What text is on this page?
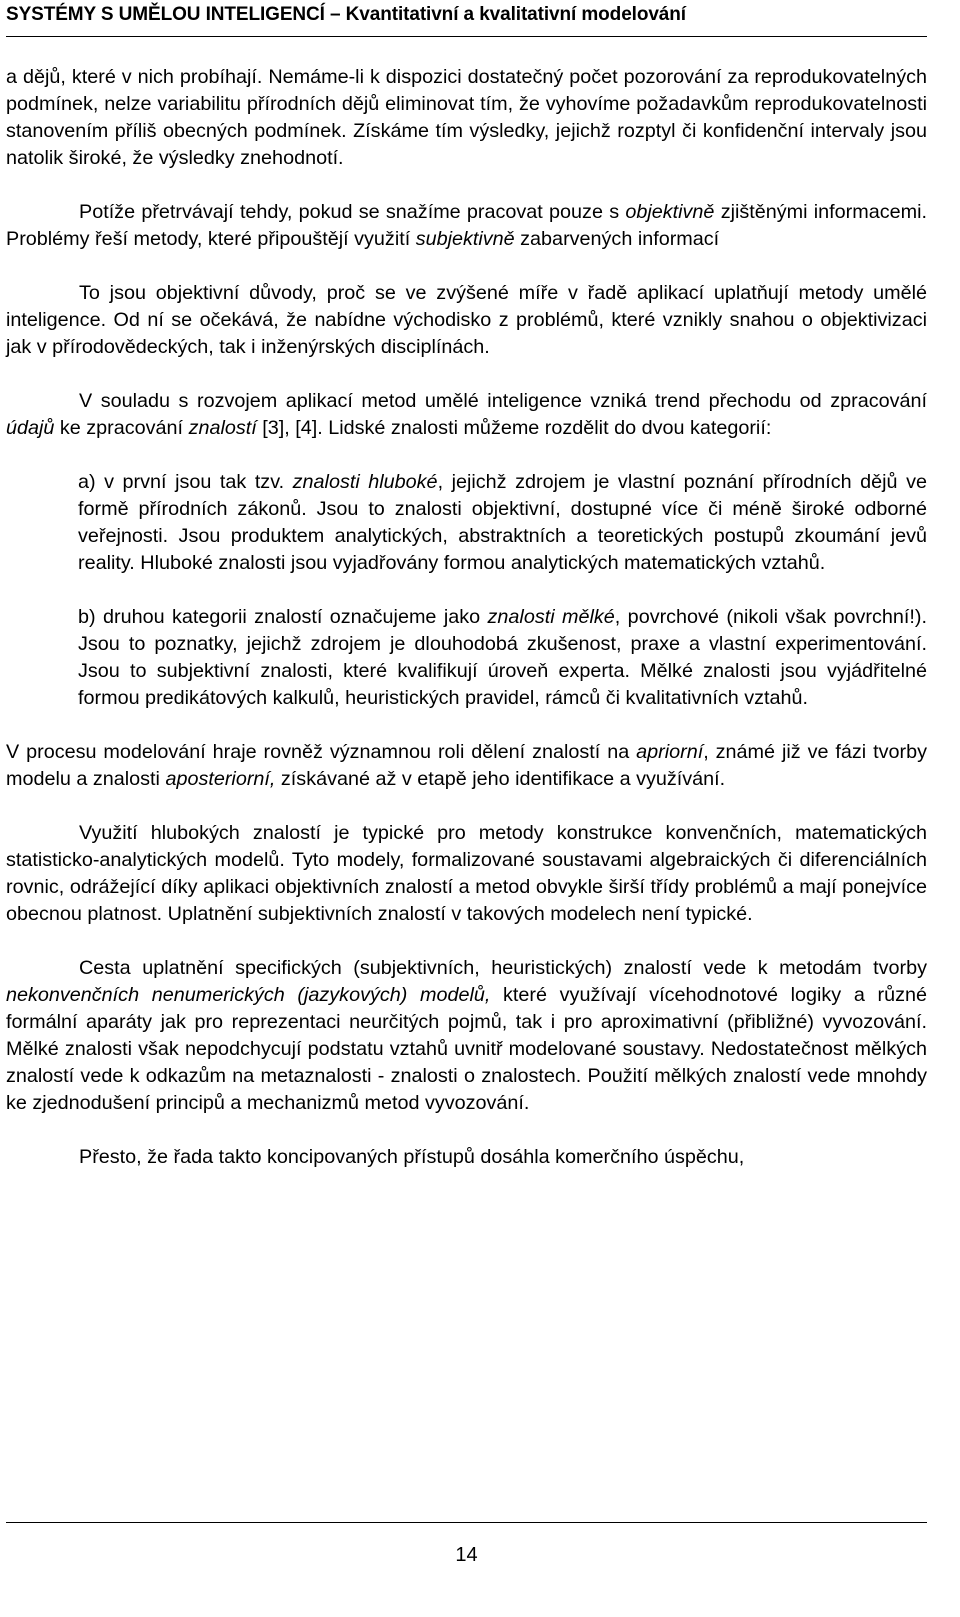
SYSTÉMY S UMĚLOU INTELIGENCÍ – Kvantitativní a kvalitativní modelování

a dějů, které v nich probíhají. Nemáme-li k dispozici dostatečný počet pozorování za reprodukovatelných podmínek, nelze variabilitu přírodních dějů eliminovat tím, že vyhovíme požadavkům reprodukovatelnosti stanovením příliš obecných podmínek. Získáme tím výsledky, jejichž rozptyl či konfidenční intervaly jsou natolik široké, že výsledky znehodnotí.

Potíže přetrvávají tehdy, pokud se snažíme pracovat pouze s objektivně zjištěnými informacemi. Problémy řeší metody, které připouštějí využití subjektivně zabarvených informací

To jsou objektivní důvody, proč se ve zvýšené míře v řadě aplikací uplatňují metody umělé inteligence. Od ní se očekává, že nabídne východisko z problémů, které vznikly snahou o objektivizaci jak v přírodovědeckých, tak i inženýrských disciplínách.

V souladu s rozvojem aplikací metod umělé inteligence vzniká trend přechodu od zpracování údajů ke zpracování znalostí [3], [4]. Lidské znalosti můžeme rozdělit do dvou kategorií:

a) v první jsou tak tzv. znalosti hluboké, jejichž zdrojem je vlastní poznání přírodních dějů ve formě přírodních zákonů. Jsou to znalosti objektivní, dostupné více či méně široké odborné veřejnosti. Jsou produktem analytických, abstraktních a teoretických postupů zkoumání jevů reality. Hluboké znalosti jsou vyjadřovány formou analytických matematických vztahů.

b) druhou kategorii znalostí označujeme jako znalosti mělké, povrchové (nikoli však povrchní!). Jsou to poznatky, jejichž zdrojem je dlouhodobá zkušenost, praxe a vlastní experimentování. Jsou to subjektivní znalosti, které kvalifikují úroveň experta. Mělké znalosti jsou vyjádřitelné formou predikátových kalkulů, heuristických pravidel, rámců či kvalitativních vztahů.

V procesu modelování hraje rovněž významnou roli dělení znalostí na apriorní, známé již ve fázi tvorby modelu a znalosti aposteriorní, získávané až v etapě jeho identifikace a využívání.

Využití hlubokých znalostí je typické pro metody konstrukce konvenčních, matematických statisticko-analytických modelů. Tyto modely, formalizované soustavami algebraických či diferenciálních rovnic, odrážející díky aplikaci objektivních znalostí a metod obvykle širší třídy problémů a mají ponejvíce obecnou platnost. Uplatnění subjektivních znalostí v takových modelech není typické.

Cesta uplatnění specifických (subjektivních, heuristických) znalostí vede k metodám tvorby nekonvenčních nenumerických (jazykových) modelů, které využívají vícehodnotové logiky a různé formální aparáty jak pro reprezentaci neurčitých pojmů, tak i pro aproximativní (přibližné) vyvozování. Mělké znalosti však nepodchycují podstatu vztahů uvnitř modelované soustavy. Nedostatečnost mělkých znalostí vede k odkazům na metaznalosti - znalosti o znalostech. Použití mělkých znalostí vede mnohdy ke zjednodušení principů a mechanizmů metod vyvozování.

Přesto, že řada takto koncipovaných přístupů dosáhla komerčního úspěchu,

14
